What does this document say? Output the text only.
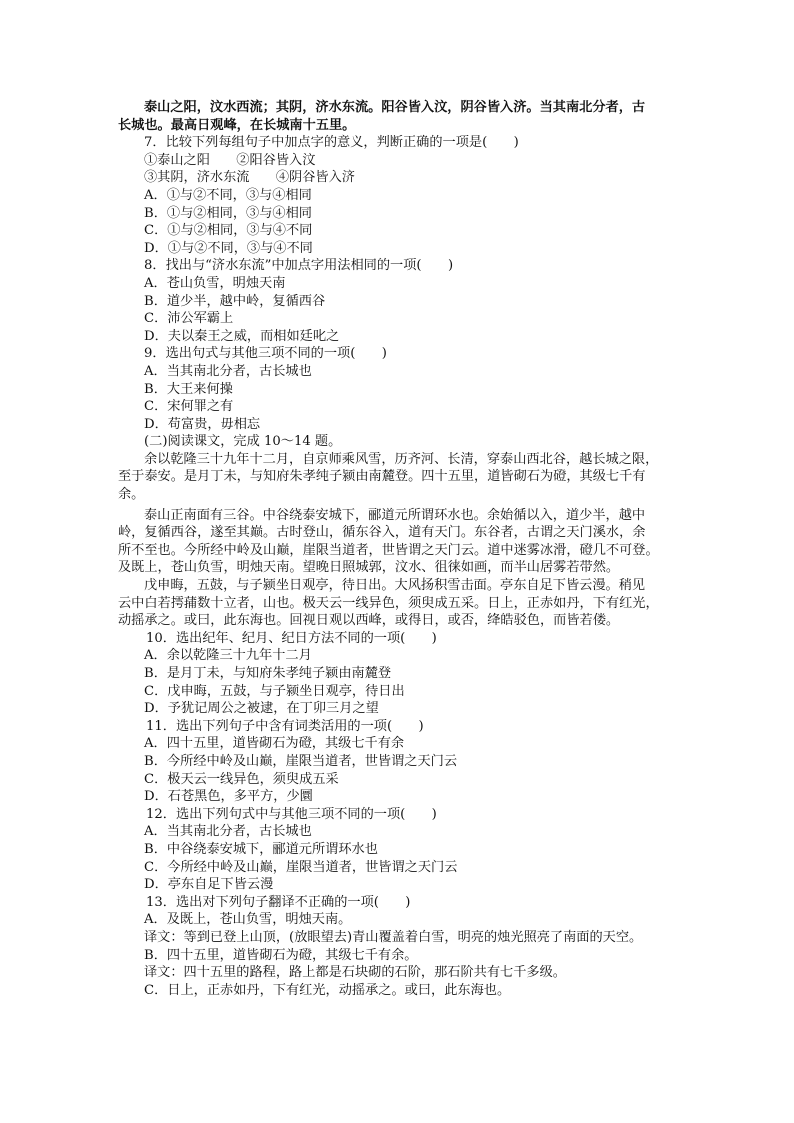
泰山之阳，汶水西流；其阴，济水东流。阳谷皆入汶，阴谷皆入济。当其南北分者，古

长城也。最高日观峰，在长城南十五里。

7．比较下列每组句子中加点字的意义，判断正确的一项是(　　)

①泰山之阳　　②阳谷皆入汶

③其阴，济水东流　　④阴谷皆入济

A．①与②不同，③与④相同

B．①与②相同，③与④相同

C．①与②相同，③与④不同

D．①与②不同，③与④不同

8．找出与“济水东流”中加点字用法相同的一项(　　)

A．苍山负雪，明烛天南

B．道少半，越中岭，复循西谷

C．沛公军霸上

D．夫以秦王之威，而相如廷叱之

9．选出句式与其他三项不同的一项(　　)

A．当其南北分者，古长城也

B．大王来何操

C．宋何罪之有

D．苟富贵，毋相忘

(二)阅读课文，完成 10～14 题。

余以乾隆三十九年十二月，自京师乘风雪，历齐河、长清，穿泰山西北谷，越长城之限，

至于泰安。是月丁未，与知府朱孝纯子颍由南麓登。四十五里，道皆砌石为磴，其级七千有

余。

泰山正南面有三谷。中谷绕泰安城下，郦道元所谓环水也。余始循以入，道少半，越中

岭，复循西谷，遂至其巅。古时登山，循东谷入，道有天门。东谷者，古谓之天门溪水，余

所不至也。今所经中岭及山巅，崖限当道者，世皆谓之天门云。道中迷雾冰滑，磴几不可登。

及既上，苍山负雪，明烛天南。望晚日照城郭，汶水、徂徕如画，而半山居雾若带然。

戊申晦，五鼓，与子颍坐日观亭，待日出。大风扬积雪击面。亭东自足下皆云漫。稍见

云中白若摴蒱数十立者，山也。极天云一线异色，须臾成五采。日上，正赤如丹，下有红光，

动摇承之。或曰，此东海也。回视日观以西峰，或得日，或否，绛皓驳色，而皆若偻。

10．选出纪年、纪月、纪日方法不同的一项(　　)

A．余以乾隆三十九年十二月

B．是月丁未，与知府朱孝纯子颍由南麓登

C．戊申晦，五鼓，与子颍坐日观亭，待日出

D．予犹记周公之被逮，在丁卯三月之望

11．选出下列句子中含有词类活用的一项(　　)

A．四十五里，道皆砌石为磴，其级七千有余

B．今所经中岭及山巅，崖限当道者，世皆谓之天门云

C．极天云一线异色，须臾成五采

D．石苍黑色，多平方，少圜

12．选出下列句式中与其他三项不同的一项(　　)

A．当其南北分者，古长城也

B．中谷绕泰安城下，郦道元所谓环水也

C．今所经中岭及山巅，崖限当道者，世皆谓之天门云

D．亭东自足下皆云漫

13．选出对下列句子翻译不正确的一项(　　)

A．及既上，苍山负雪，明烛天南。

译文：等到已登上山顶，(放眼望去)青山覆盖着白雪，明亮的烛光照亮了南面的天空。

B．四十五里，道皆砌石为磴，其级七千有余。

译文：四十五里的路程，路上都是石块砌的石阶，那石阶共有七千多级。

C．日上，正赤如丹，下有红光，动摇承之。或曰，此东海也。
